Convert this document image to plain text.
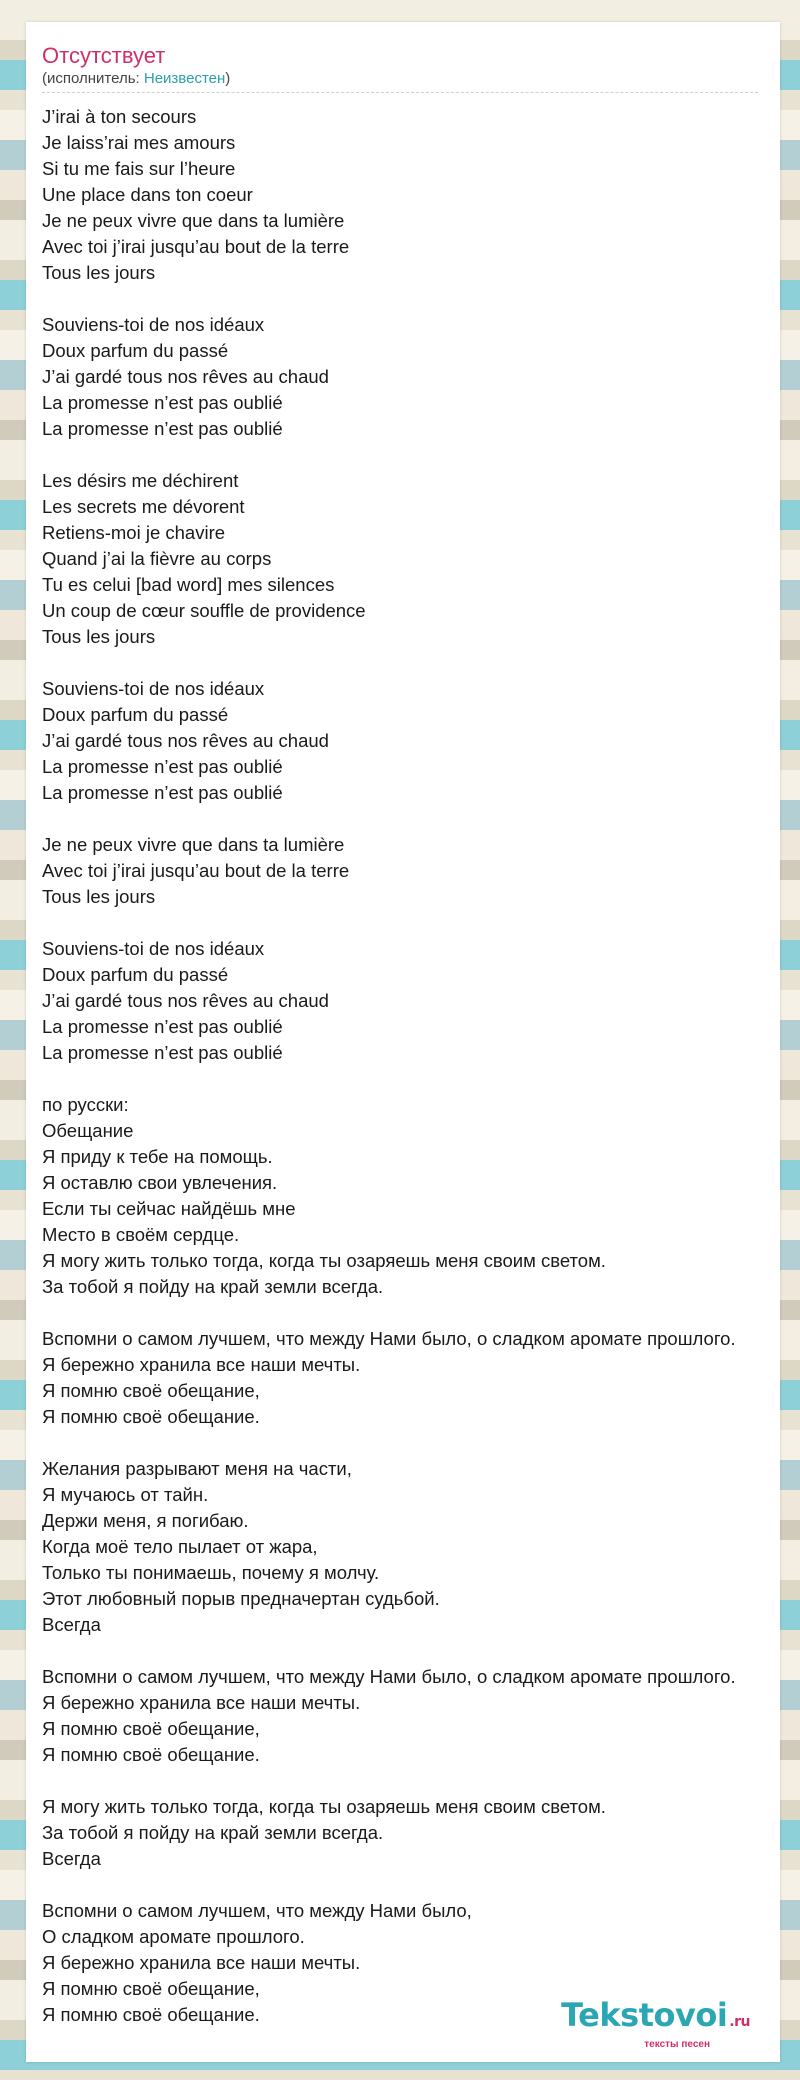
Отсутствует
(исполнитель: Неизвестен)
J’irai à ton secours
Je laiss’rai mes amours
Si tu me fais sur l’heure
Une place dans ton coeur
Je ne peux vivre que dans ta lumière
Avec toi j’irai jusqu’au bout de la terre
Tous les jours
Souviens-toi de nos idéaux
Doux parfum du passé
J’ai gardé tous nos rêves au chaud
La promesse n’est pas oublié
La promesse n’est pas oublié
Les désirs me déchirent
Les secrets me dévorent
Retiens-moi je chavire
Quand j’ai la fièvre au corps
Tu es celui [bad word] mes silences
Un coup de cœur souffle de providence
Tous les jours
Souviens-toi de nos idéaux
Doux parfum du passé
J’ai gardé tous nos rêves au chaud
La promesse n’est pas oublié
La promesse n’est pas oublié
Je ne peux vivre que dans ta lumière
Avec toi j’irai jusqu’au bout de la terre
Tous les jours
Souviens-toi de nos idéaux
Doux parfum du passé
J’ai gardé tous nos rêves au chaud
La promesse n’est pas oublié
La promesse n’est pas oublié
по русски:
Обещание
Я приду к тебе на помощь.
Я оставлю свои увлечения.
Если ты сейчас найдёшь мне
Место в своём сердце.
Я могу жить только тогда, когда ты озаряешь меня своим светом.
За тобой я пойду на край земли всегда.
Вспомни о самом лучшем, что между Нами было, о сладком аромате прошлого.
Я бережно хранила все наши мечты.
Я помню своё обещание,
Я помню своё обещание.
Желания разрывают меня на части,
Я мучаюсь от тайн.
Держи меня, я погибаю.
Когда моё тело пылает от жара,
Только ты понимаешь, почему я молчу.
Этот любовный порыв предначертан судьбой.
Всегда
Вспомни о самом лучшем, что между Нами было, о сладком аромате прошлого.
Я бережно хранила все наши мечты.
Я помню своё обещание,
Я помню своё обещание.
Я могу жить только тогда, когда ты озаряешь меня своим светом.
За тобой я пойду на край земли всегда.
Всегда
Вспомни о самом лучшем, что между Нами было,
О сладком аромате прошлого.
Я бережно хранила все наши мечты.
Я помню своё обещание,
Я помню своё обещание.	Tekstovoi .ru
тексты песен
